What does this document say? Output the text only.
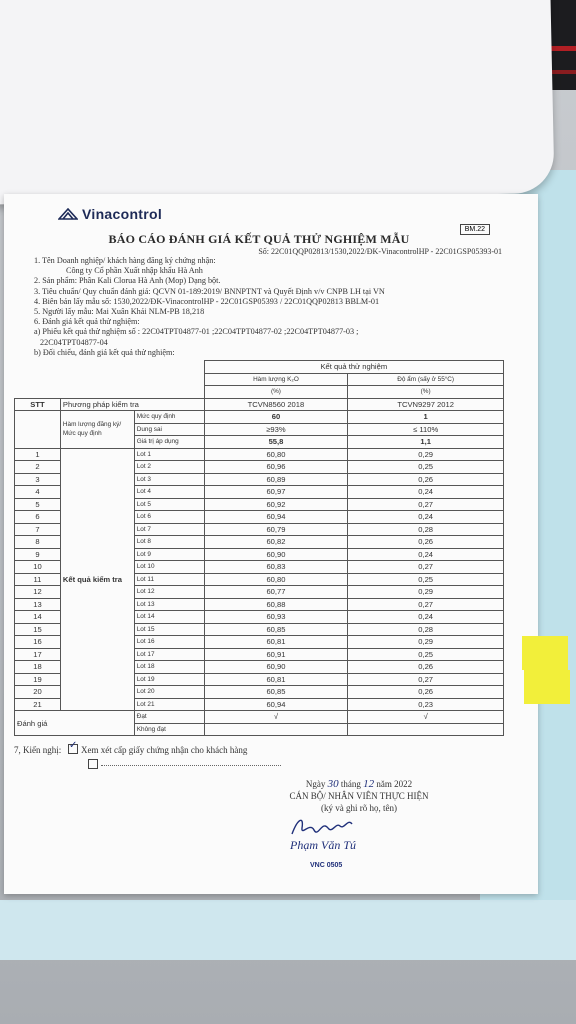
Vinacontrol
BM.22
BÁO CÁO ĐÁNH GIÁ KẾT QUẢ THỬ NGHIỆM MẪU
Số: 22C01QQP02813/1530,2022/ĐK-VinacontrolHP - 22C01GSP05393-01
1. Tên Doanh nghiệp/ khách hàng đăng ký chứng nhận:
Công ty Cổ phần Xuất nhập khẩu Hà Anh
2. Sản phẩm: Phân Kali Clorua Hà Anh (Mop) Dạng bột.
3. Tiêu chuẩn/ Quy chuẩn đánh giá: QCVN 01-189:2019/ BNNPTNT và Quyết Định v/v CNPB LH tại VN
4. Biên bản lấy mẫu số: 1530,2022/ĐK-VinacontrolHP - 22C01GSP05393 / 22C01QQP02813 BBLM-01
5. Người lấy mẫu: Mai Xuân Khải NLM-PB 18,218
6. Đánh giá kết quả thử nghiệm:
a) Phiếu kết quả thử nghiệm số : 22C04TPT04877-01 ;22C04TPT04877-02 ;22C04TPT04877-03 ;
22C04TPT04877-04
b) Đối chiếu, đánh giá kết quả thử nghiệm:
			Kết quả thử nghiệm	
			Hàm lượng K₂O	Độ ẩm (sấy ở 55°C)
			(%)	(%)
STT	Phương pháp kiểm tra		TCVN8560 2018	TCVN9297 2012
	Hàm lượng đăng ký/ Mức quy định	Mức quy định	60	1
		Dung sai	≥93%	≤ 110%
		Giá trị áp dụng	55,8	1,1
1	Kết quả kiểm tra	Lot 1	60,80	0,29
2		Lot 2	60,96	0,25
3		Lot 3	60,89	0,26
4		Lot 4	60,97	0,24
5		Lot 5	60,92	0,27
6		Lot 6	60,94	0,24
7		Lot 7	60,79	0,28
8		Lot 8	60,82	0,26
9		Lot 9	60,90	0,24
10		Lot 10	60,83	0,27
11		Lot 11	60,80	0,25
12		Lot 12	60,77	0,29
13		Lot 13	60,88	0,27
14		Lot 14	60,93	0,24
15		Lot 15	60,85	0,28
16		Lot 16	60,81	0,29
17		Lot 17	60,91	0,25
18		Lot 18	60,90	0,26
19		Lot 19	60,81	0,27
20		Lot 20	60,85	0,26
21		Lot 21	60,94	0,23
Đánh giá		Đạt	√	√
		Không đạt		
7, Kiến nghị: ✓ Xem xét cấp giấy chứng nhận cho khách hàng
Ngày 30 tháng 12 năm 2022
CÁN BỘ/ NHÂN VIÊN THỰC HIỆN
(ký và ghi rõ họ, tên)
Phạm Văn Tú
VNC 0505
